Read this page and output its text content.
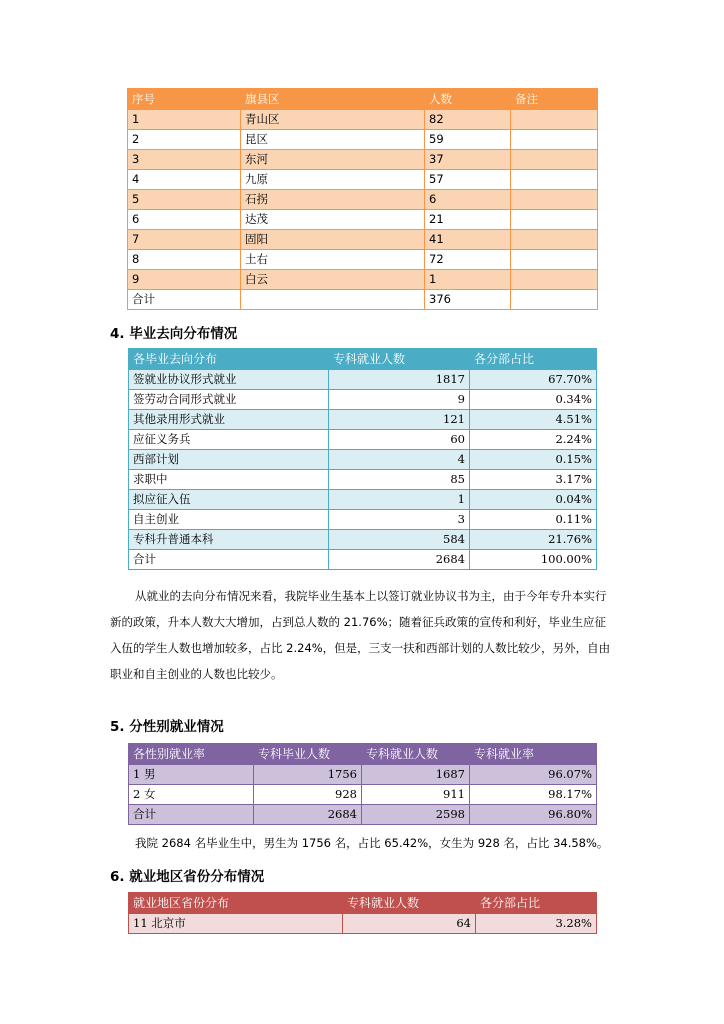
序号	旗县区	人数	备注
1	青山区	82	
2	昆区	59	
3	东河	37	
4	九原	57	
5	石拐	6	
6	达茂	21	
7	固阳	41	
8	土右	72	
9	白云	1	
合计		376	
4. 毕业去向分布情况
各毕业去向分布	专科就业人数	各分部占比
签就业协议形式就业	1817	67.70%
签劳动合同形式就业	9	0.34%
其他录用形式就业	121	4.51%
应征义务兵	60	2.24%
西部计划	4	0.15%
求职中	85	3.17%
拟应征入伍	1	0.04%
自主创业	3	0.11%
专科升普通本科	584	21.76%
合计	2684	100.00%

从就业的去向分布情况来看，我院毕业生基本上以签订就业协议书为主，由于今年专升本实行新的政策，升本人数大大增加，占到总人数的 21.76%；随着征兵政策的宣传和利好，毕业生应征入伍的学生人数也增加较多，占比 2.24%，但是，三支一扶和西部计划的人数比较少，另外，自由职业和自主创业的人数也比较少。

5. 分性别就业情况
各性别就业率	专科毕业人数	专科就业人数	专科就业率
1 男	1756	1687	96.07%
2 女	928	911	98.17%
合计	2684	2598	96.80%

我院 2684 名毕业生中，男生为 1756 名，占比 65.42%，女生为 928 名，占比 34.58%。

6. 就业地区省份分布情况
就业地区省份分布	专科就业人数	各分部占比
11 北京市	64	3.28%
